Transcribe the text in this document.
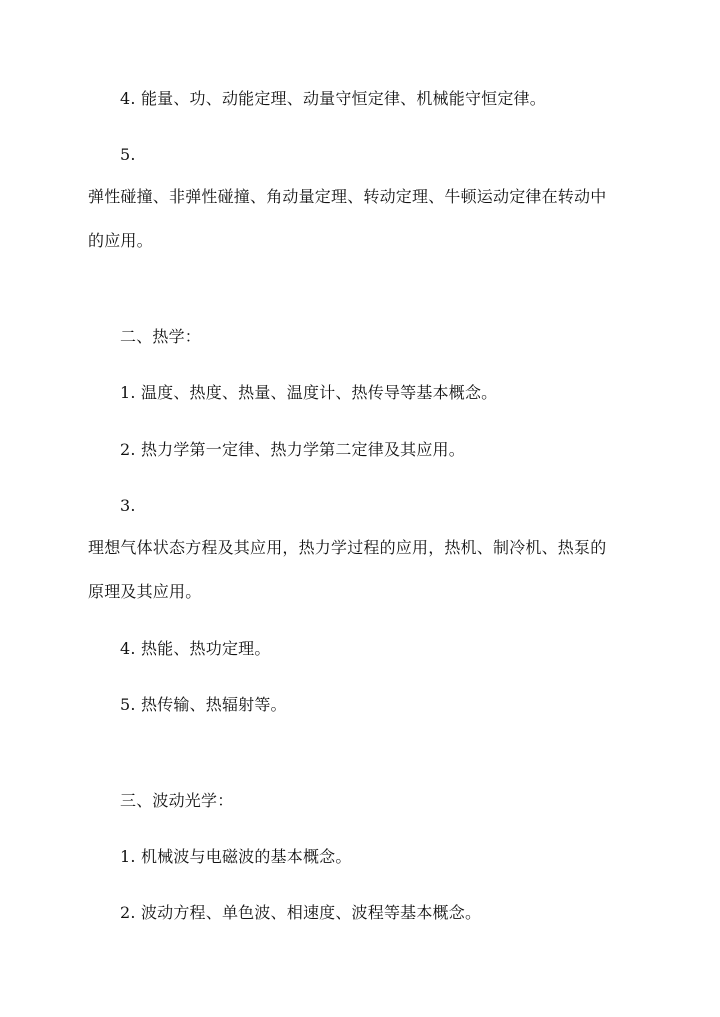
4. 能量、功、动能定理、动量守恒定律、机械能守恒定律。
5.
弹性碰撞、非弹性碰撞、角动量定理、转动定理、牛顿运动定律在转动中
的应用。
二、热学：
1. 温度、热度、热量、温度计、热传导等基本概念。
2. 热力学第一定律、热力学第二定律及其应用。
3.
理想气体状态方程及其应用，热力学过程的应用，热机、制冷机、热泵的
原理及其应用。
4. 热能、热功定理。
5. 热传输、热辐射等。
三、波动光学：
1. 机械波与电磁波的基本概念。
2. 波动方程、单色波、相速度、波程等基本概念。
